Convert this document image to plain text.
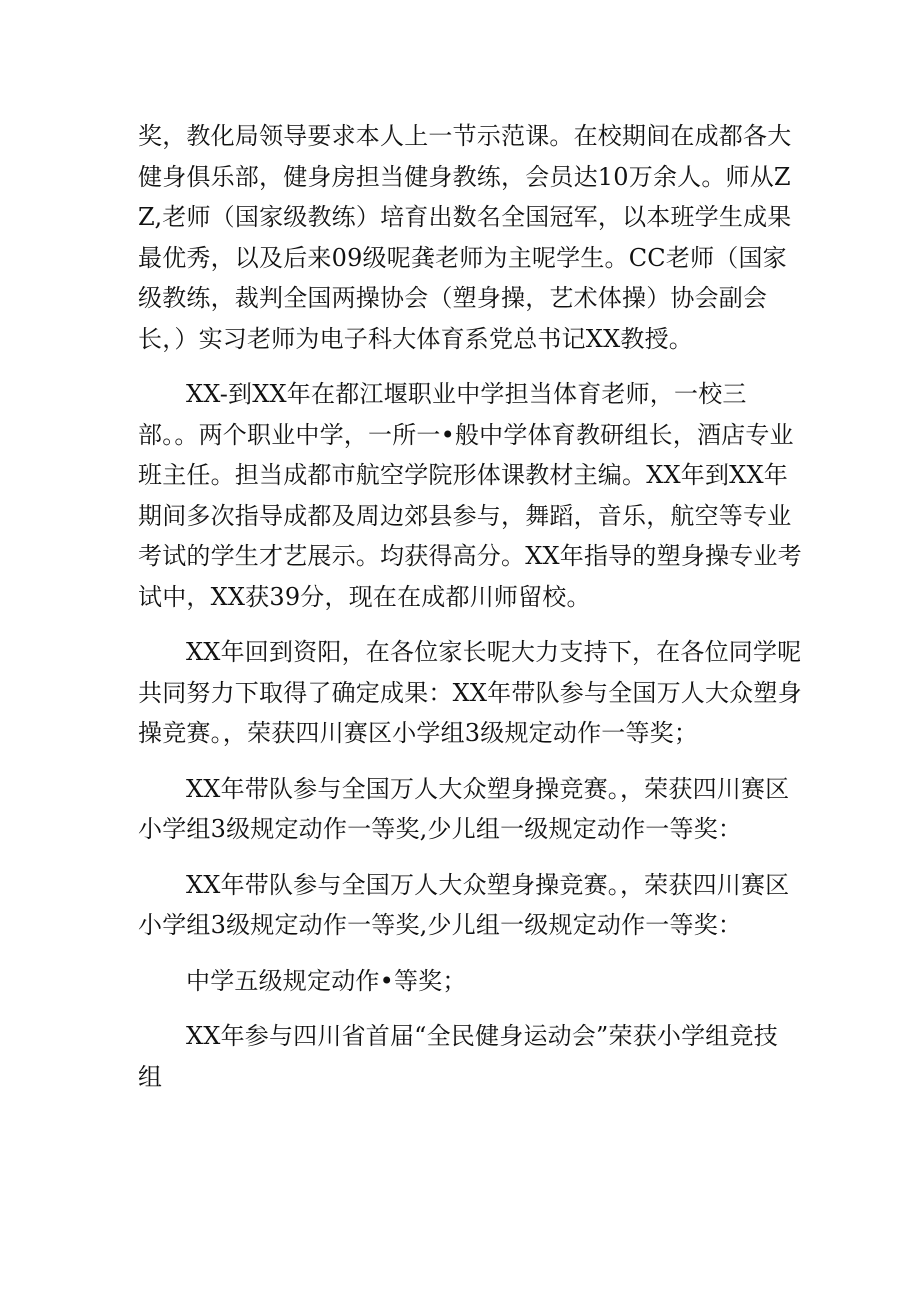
奖，教化局领导要求本人上一节示范课。在校期间在成都各大健身俱乐部，健身房担当健身教练，会员达10万余人。师从ZZ,老师（国家级教练）培育出数名全国冠军，以本班学生成果最优秀，以及后来09级呢龚老师为主呢学生。CC老师（国家级教练，裁判全国两操协会（塑身操，艺术体操）协会副会长，）实习老师为电子科大体育系党总书记XX教授。

XX-到XX年在都江堰职业中学担当体育老师，一校三部。。两个职业中学，一所一•般中学体育教研组长，酒店专业班主任。担当成都市航空学院形体课教材主编。XX年到XX年期间多次指导成都及周边郊县参与，舞蹈，音乐，航空等专业考试的学生才艺展示。均获得高分。XX年指导的塑身操专业考试中，XX获39分，现在在成都川师留校。

XX年回到资阳，在各位家长呢大力支持下，在各位同学呢共同努力下取得了确定成果：XX年带队参与全国万人大众塑身操竞赛。，荣获四川赛区小学组3级规定动作一等奖；

XX年带队参与全国万人大众塑身操竞赛。，荣获四川赛区小学组3级规定动作一等奖,少儿组一级规定动作一等奖：

XX年带队参与全国万人大众塑身操竞赛。，荣获四川赛区小学组3级规定动作一等奖,少儿组一级规定动作一等奖：

中学五级规定动作•等奖；

XX年参与四川省首届“全民健身运动会”荣获小学组竞技组
